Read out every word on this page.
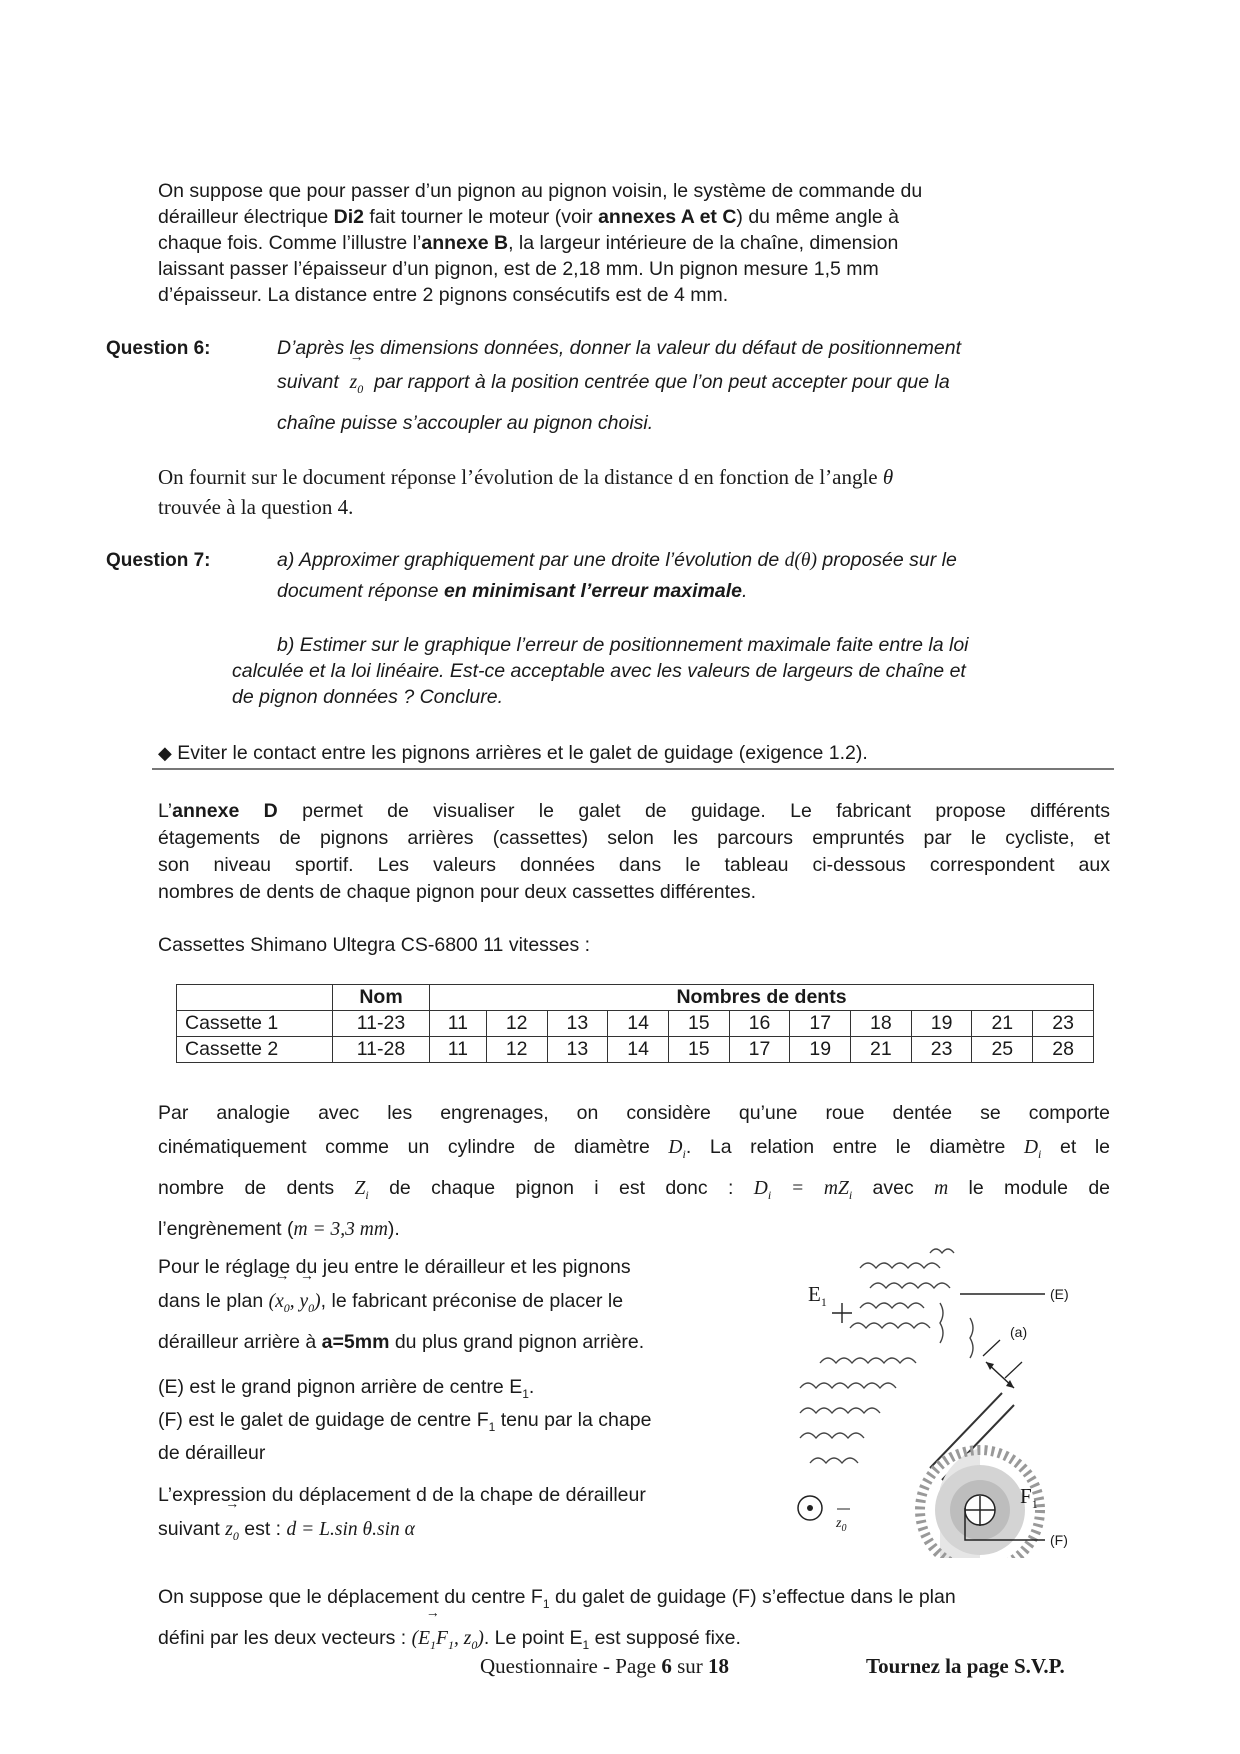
On suppose que pour passer d’un pignon au pignon voisin, le système de commande du
dérailleur électrique Di2 fait tourner le moteur (voir annexes A et C) du même angle à
chaque fois. Comme l’illustre l’annexe B, la largeur intérieure de la chaîne, dimension
laissant passer l’épaisseur d’un pignon, est de 2,18 mm. Un pignon mesure 1,5 mm
d’épaisseur. La distance entre 2 pignons consécutifs est de 4 mm.
Question 6:	D’après les dimensions données, donner la valeur du défaut de positionnement
suivant → $z_0$ par rapport à la position centrée que l’on peut accepter pour que la
chaîne puisse s’accoupler au pignon choisi.
On fournit sur le document réponse l’évolution de la distance d en fonction de l’angle θ
trouvée à la question 4.
Question 7:	a) Approximer graphiquement par une droite l’évolution de d(θ) proposée sur le
document réponse en minimisant l’erreur maximale.
b) Estimer sur le graphique l’erreur de positionnement maximale faite entre la loi
calculée et la loi linéaire. Est-ce acceptable avec les valeurs de largeurs de chaîne et
de pignon données ? Conclure.
◆ Eviter le contact entre les pignons arrières et le galet de guidage (exigence 1.2).
L’annexe D permet de visualiser le galet de guidage. Le fabricant propose différents
étagements de pignons arrières (cassettes) selon les parcours empruntés par le cycliste, et
son niveau sportif. Les valeurs données dans le tableau ci-dessous correspondent aux
nombres de dents de chaque pignon pour deux cassettes différentes.
Cassettes Shimano Ultegra CS-6800 11 vitesses :
	Nom	Nombres de dents										
Cassette 1	11-23	11	12	13	14	15	16	17	18	19	21	23
Cassette 2	11-28	11	12	13	14	15	17	19	21	23	25	28
Par analogie avec les engrenages, on considère qu’une roue dentée se comporte
cinématiquement comme un cylindre de diamètre $D_i$. La relation entre le diamètre $D_i$ et le
nombre de dents $Z_i$ de chaque pignon i est donc : $D_i = mZ_i$ avec m le module de
l’engrènement (m = 3,3 mm).
Pour le réglage du jeu entre le dérailleur et les pignons
dans le plan (→ $x_0$, → $y_0$), le fabricant préconise de placer le
dérailleur arrière à a=5mm du plus grand pignon arrière.
(E) est le grand pignon arrière de centre $E_1$.
(F) est le galet de guidage de centre $F_1$ tenu par la chape
de dérailleur
L’expression du déplacement d de la chape de dérailleur
suivant → $z_0$ est : d = L.sin θ.sin α
$E_1$
$F_1$
(E)
(a)
(F)
$z_0$
On suppose que le déplacement du centre $F_1$ du galet de guidage (F) s’effectue dans le plan
défini par les deux vecteurs : → ($E_1F_1$, $z_0$). Le point $E_1$ est supposé fixe.
Questionnaire - Page 6 sur 18	Tournez la page S.V.P.
